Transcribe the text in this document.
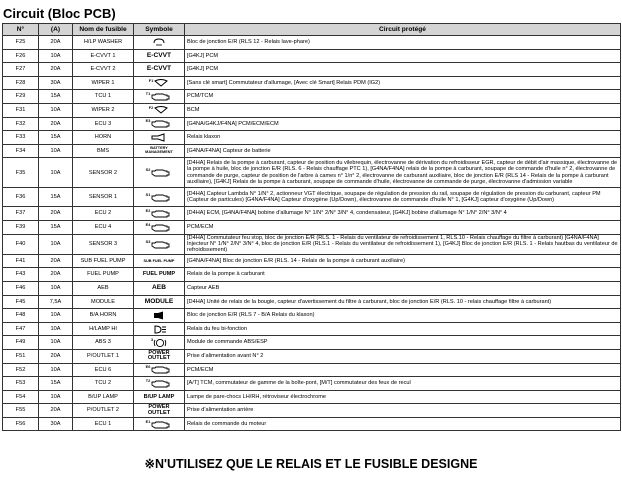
Circuit (Bloc PCB)
N°	(A)	Nom de fusible	Symbole	Circuit protégé
F25	20A	H/LP WASHER		Bloc de jonction E/R (RLS 12 - Relais lave-phare)
F26	10A	E-CVVT 1	E-CVVT	[G4KJ] PCM
F27	20A	E-CVVT 2	E-CVVT	[G4KJ] PCM
F28	30A	WIPER 1	$^{F1}$	[Sans clé smart] Commutateur d'allumage, [Avec clé Smart] Relais PDM (IG2)
F29	15A	TCU 1	$^{T1}$	PCM/TCM
F31	10A	WIPER 2	$^{F2}$	BCM
F32	20A	ECU 3	$^{E3}$	[G4NA/G4KJ/F4NA] PCM/ECM/ECM
F33	15A	HORN		Relais klaxon
F34	10A	BMS	BATTERY MANAGEMENT	[G4NA/F4NA] Capteur de batterie
F35	10A	SENSOR 2	$^{S2}$	[D4HA] Relais de la pompe à carburant, capteur de position du vilebrequin, électrovanne de dérivation du refroidisseur EGR, capteur de débit d'air massique, électrovanne de la pompe à huile, bloc de jonction E/R (RLS. 6 - Relais chauffage PTC 1), [G4NA/F4NA] relais de la pompe à carburant, soupape de commande d'huile n° 2, électrovanne de commande de purge, capteur de position de l'arbre à cames n° 1/n° 2, électrovanne de carburant auxiliaire, bloc de jonction E/R (RLS 14 - Relais de la pompe à carburant auxiliaire), [G4KJ] Relais de la pompe à carburant, soupape de commande d'huile, électrovanne de commande de purge, électrovanne d'admission variable
F36	15A	SENSOR 1	$^{S1}$	[D4HA] Capteur Lambda N° 1/N° 2, actionneur VGT électrique, soupape de régulation de pression du rail, soupape de régulation de pression du carburant, capteur PM (Capteur de particules) [G4NA/F4NA] Capteur d'oxygène (Up/Down), électrovanne de commande d'huile N° 1, [G4KJ] capteur d'oxygène (Up/Down)
F37	20A	ECU 2	$^{E2}$	[D4HA] ECM, [G4NA/F4NA] bobine d'allumage N° 1/N° 2/N° 3/N° 4, condensateur, [G4KJ] bobine d'allumage N° 1/N° 2/N° 3/N° 4
F39	15A	ECU 4	$^{E4}$	PCM/ECM
F40	10A	SENSOR 3	$^{S3}$	[D4HA] Commutateur feu stop, bloc de jonction E/R (RLS. 1 - Relais du ventilateur de refroidissement 1, RLS.10 - Relais chauffage du filtre à carburant) [G4NA/F4NA] Injecteur N° 1/N° 2/N° 3/N° 4, bloc de jonction E/R (RLS.1 - Relais du ventilateur de refroidissement 1), [G4KJ] Bloc de jonction E/R (RLS. 1 - Relais hautbas du ventilateur de refroidissement)
F41	20A	SUB FUEL PUMP	SUB FUEL PUMP	[G4NA/F4NA] Bloc de jonction E/R (RLS. 14 - Relais de la pompe à carburant auxiliaire)
F43	20A	FUEL PUMP	FUEL PUMP	Relais de la pompe à carburant
F46	10A	AEB	AEB	Capteur AEB
F45	7,5A	MODULE	MODULE	[D4HA] Unité de relais de la bougie, capteur d'avertissement du filtre à carburant, bloc de jonction E/R (RLS. 10 - relais chauffage filtre à carburant)
F48	10A	B/A HORN		Bloc de jonction E/R (RLS 7 - B/A Relais du klaxon)
F47	10A	H/LAMP HI		Relais du feu bi-fonction
F49	10A	ABS 3	$^3$	Module de commande ABS/ESP
F51	20A	P/OUTLET 1	POWER OUTLET	Prise d'alimentation avant N° 2
F52	10A	ECU 6	$^{E6}$	PCM/ECM
F53	15A	TCU 2	$^{T2}$	[A/T] TCM, commutateur de gamme de la boîte-pont, [M/T] commutateur des feux de recul
F54	10A	B/UP LAMP	B/UP LAMP	Lampe de pare-chocs LH/RH, rétroviseur électrochrome
F55	20A	P/OUTLET 2	POWER OUTLET	Prise d'alimentation arrière
F56	30A	ECU 1	$^{E1}$	Relais de commande du moteur
※N'UTILISEZ QUE LE RELAIS ET LE FUSIBLE DESIGNE
